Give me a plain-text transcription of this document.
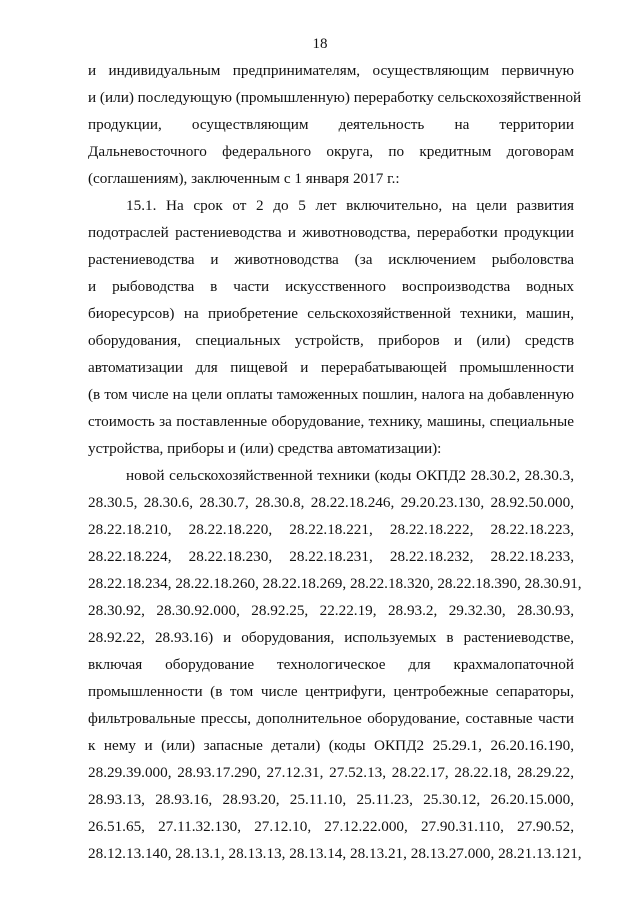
18
и индивидуальным предпринимателям, осуществляющим первичную
и (или) последующую (промышленную) переработку сельскохозяйственной
продукции, осуществляющим деятельность на территории
Дальневосточного федерального округа, по кредитным договорам
(соглашениям), заключенным с 1 января 2017 г.:
15.1. На срок от 2 до 5 лет включительно, на цели развития
подотраслей растениеводства и животноводства, переработки продукции
растениеводства и животноводства (за исключением рыболовства
и рыбоводства в части искусственного воспроизводства водных
биоресурсов) на приобретение сельскохозяйственной техники, машин,
оборудования, специальных устройств, приборов и (или) средств
автоматизации для пищевой и перерабатывающей промышленности
(в том числе на цели оплаты таможенных пошлин, налога на добавленную
стоимость за поставленные оборудование, технику, машины, специальные
устройства, приборы и (или) средства автоматизации):
новой сельскохозяйственной техники (коды ОКПД2 28.30.2, 28.30.3,
28.30.5, 28.30.6, 28.30.7, 28.30.8, 28.22.18.246, 29.20.23.130, 28.92.50.000,
28.22.18.210, 28.22.18.220, 28.22.18.221, 28.22.18.222, 28.22.18.223,
28.22.18.224, 28.22.18.230, 28.22.18.231, 28.22.18.232, 28.22.18.233,
28.22.18.234, 28.22.18.260, 28.22.18.269, 28.22.18.320, 28.22.18.390, 28.30.91,
28.30.92, 28.30.92.000, 28.92.25, 22.22.19, 28.93.2, 29.32.30, 28.30.93,
28.92.22, 28.93.16) и оборудования, используемых в растениеводстве,
включая оборудование технологическое для крахмалопаточной
промышленности (в том числе центрифуги, центробежные сепараторы,
фильтровальные прессы, дополнительное оборудование, составные части
к нему и (или) запасные детали) (коды ОКПД2 25.29.1, 26.20.16.190,
28.29.39.000, 28.93.17.290, 27.12.31, 27.52.13, 28.22.17, 28.22.18, 28.29.22,
28.93.13, 28.93.16, 28.93.20, 25.11.10, 25.11.23, 25.30.12, 26.20.15.000,
26.51.65, 27.11.32.130, 27.12.10, 27.12.22.000, 27.90.31.110, 27.90.52,
28.12.13.140, 28.13.1, 28.13.13, 28.13.14, 28.13.21, 28.13.27.000, 28.21.13.121,
